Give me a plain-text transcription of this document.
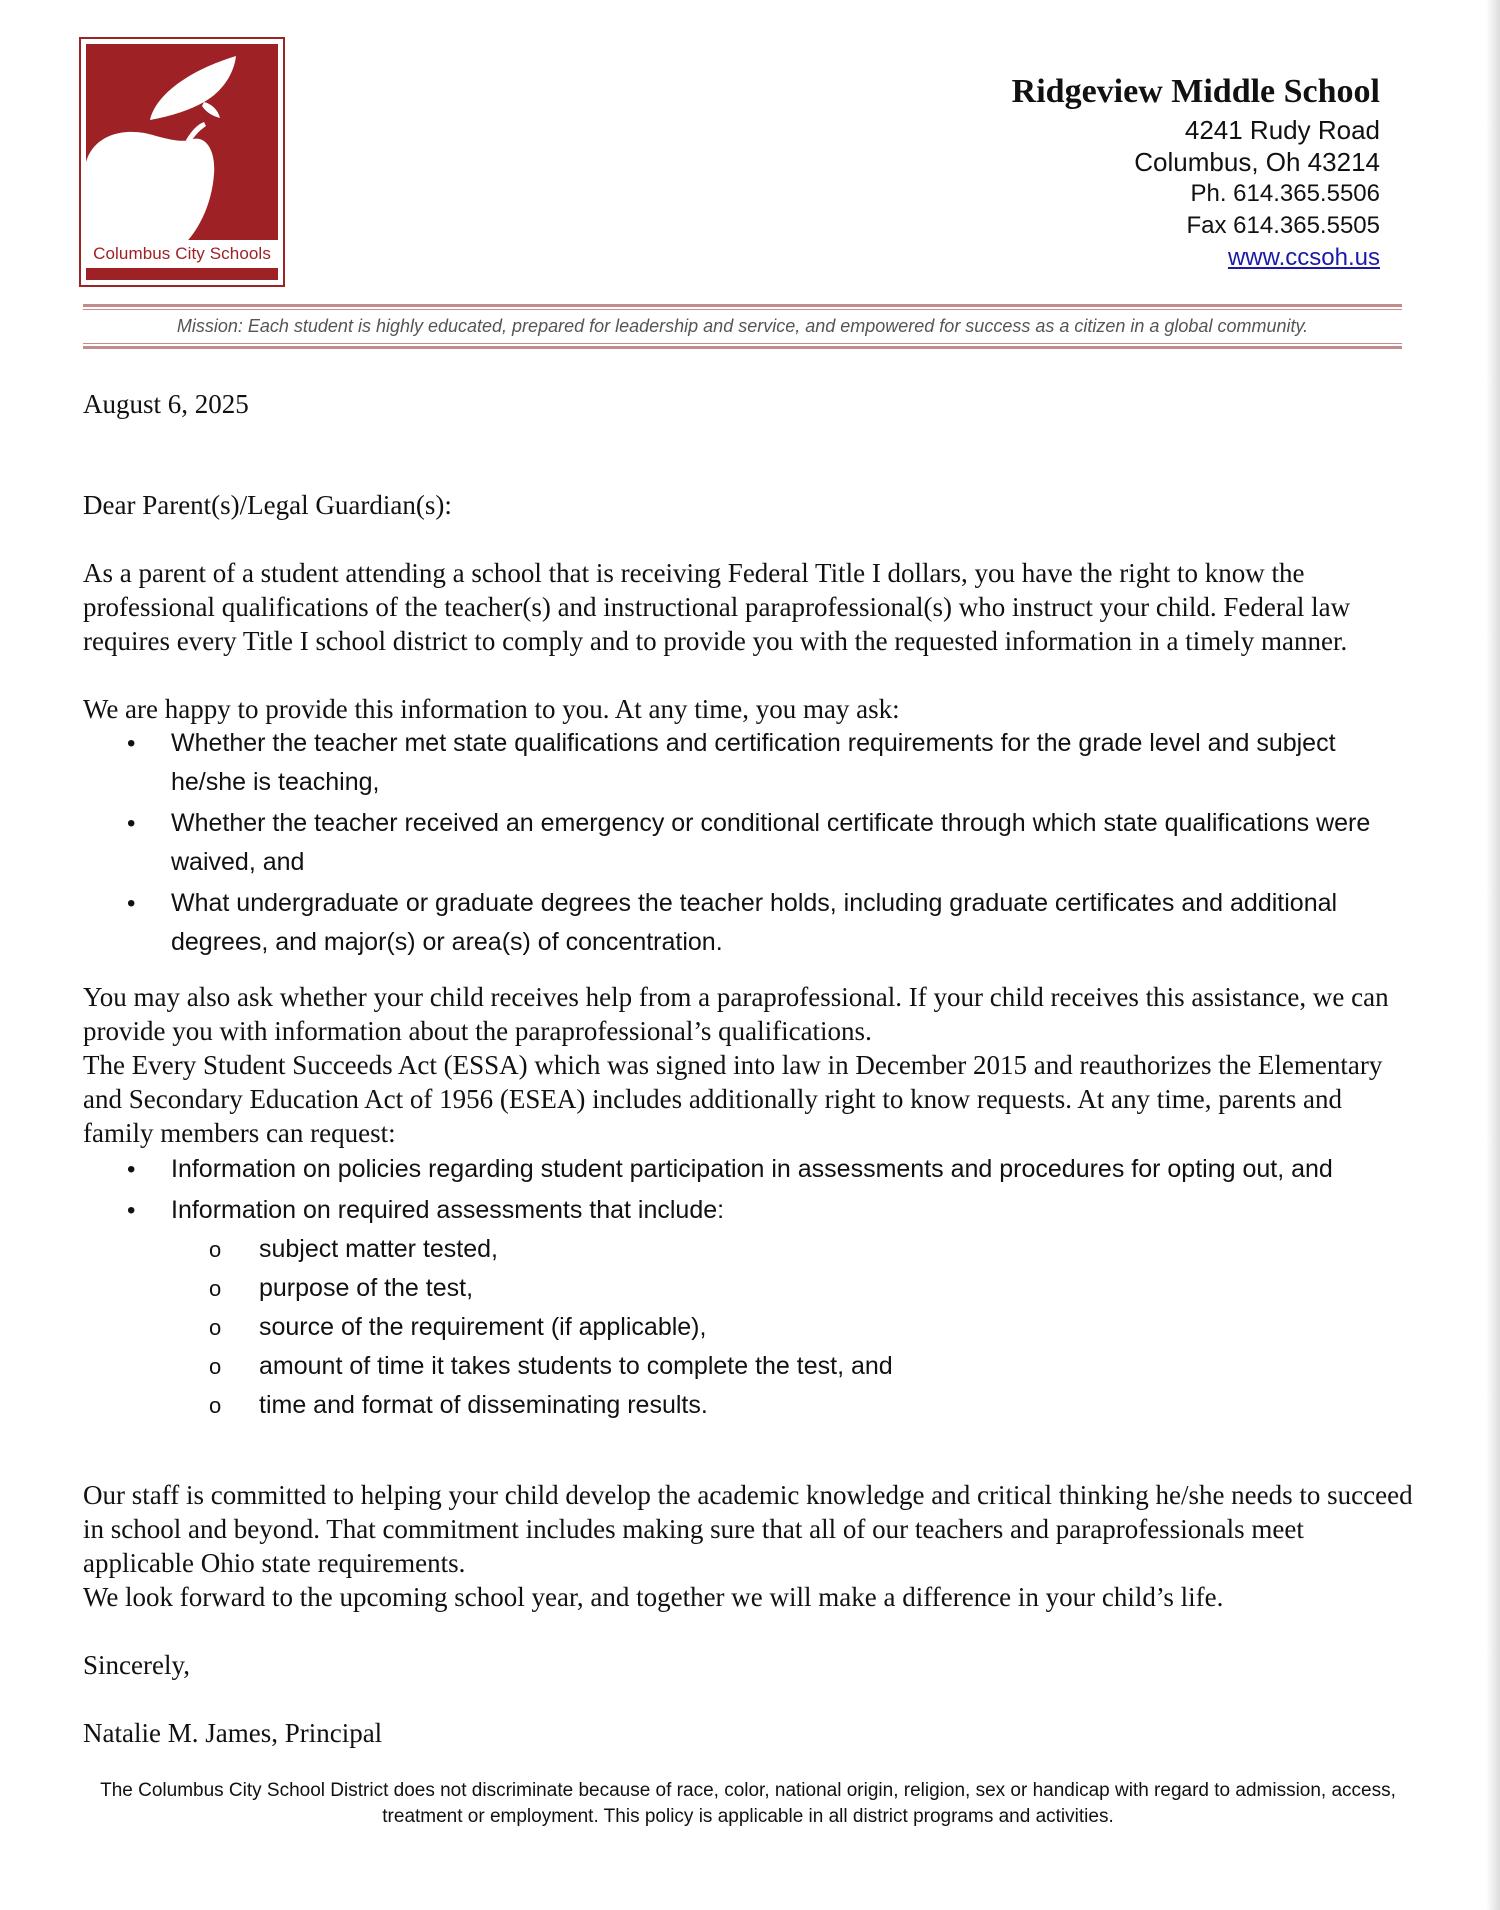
Columbus City Schools
Ridgeview Middle School
4241 Rudy Road
Columbus, Oh 43214
Ph. 614.365.5506
Fax 614.365.5505
www.ccsoh.us
Mission: Each student is highly educated, prepared for leadership and service, and empowered for success as a citizen in a global community.
August 6, 2025
Dear Parent(s)/Legal Guardian(s):
As a parent of a student attending a school that is receiving Federal Title I dollars, you have the right to know the professional qualifications of the teacher(s) and instructional paraprofessional(s) who instruct your child. Federal law requires every Title I school district to comply and to provide you with the requested information in a timely manner.
We are happy to provide this information to you. At any time, you may ask:
• Whether the teacher met state qualifications and certification requirements for the grade level and subject he/she is teaching,
• Whether the teacher received an emergency or conditional certificate through which state qualifications were waived, and
• What undergraduate or graduate degrees the teacher holds, including graduate certificates and additional degrees, and major(s) or area(s) of concentration.
You may also ask whether your child receives help from a paraprofessional. If your child receives this assistance, we can provide you with information about the paraprofessional’s qualifications.
The Every Student Succeeds Act (ESSA) which was signed into law in December 2015 and reauthorizes the Elementary and Secondary Education Act of 1956 (ESEA) includes additionally right to know requests. At any time, parents and family members can request:
• Information on policies regarding student participation in assessments and procedures for opting out, and
• Information on required assessments that include:
o subject matter tested,
o purpose of the test,
o source of the requirement (if applicable),
o amount of time it takes students to complete the test, and
o time and format of disseminating results.
Our staff is committed to helping your child develop the academic knowledge and critical thinking he/she needs to succeed in school and beyond. That commitment includes making sure that all of our teachers and paraprofessionals meet applicable Ohio state requirements.
We look forward to the upcoming school year, and together we will make a difference in your child’s life.
Sincerely,
Natalie M. James, Principal
The Columbus City School District does not discriminate because of race, color, national origin, religion, sex or handicap with regard to admission, access, treatment or employment. This policy is applicable in all district programs and activities.
